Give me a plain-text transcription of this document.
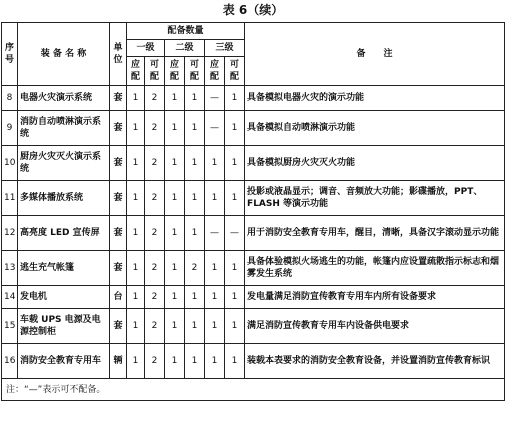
表 6（续）
序号	装 备 名 称	单位	配备数量						备　　注
			一级		二级		三级		
			应配	可配	应配	可配	应配	可配	
8	电器火灾演示系统	套	1	2	1	1	—	1	具备模拟电器火灾的演示功能
9	消防自动喷淋演示系统	套	1	2	1	1	—	1	具备模拟自动喷淋演示功能
10	厨房火灾灭火演示系统	套	1	2	1	1	1	1	具备模拟厨房火灾灭火功能
11	多媒体播放系统	套	1	2	1	1	1	1	投影或液晶显示；调音、音频放大功能；影碟播放，PPT、FLASH 等演示功能
12	高亮度 LED 宣传屏	套	1	2	1	1	—	—	用于消防安全教育专用车，醒目，清晰，具备汉字滚动显示功能
13	逃生充气帐篷	套	1	2	1	2	1	1	具备体验模拟火场逃生的功能，帐篷内应设置疏散指示标志和烟雾发生系统
14	发电机	台	1	2	1	1	1	1	发电量满足消防宣传教育专用车内所有设备要求
15	车载 UPS 电源及电源控制柜	套	1	2	1	1	1	1	满足消防宣传教育专用车内设备供电要求
16	消防安全教育专用车	辆	1	2	1	1	1	1	装载本表要求的消防安全教育设备，并设置消防宣传教育标识
注：“—”表示可不配备。									
